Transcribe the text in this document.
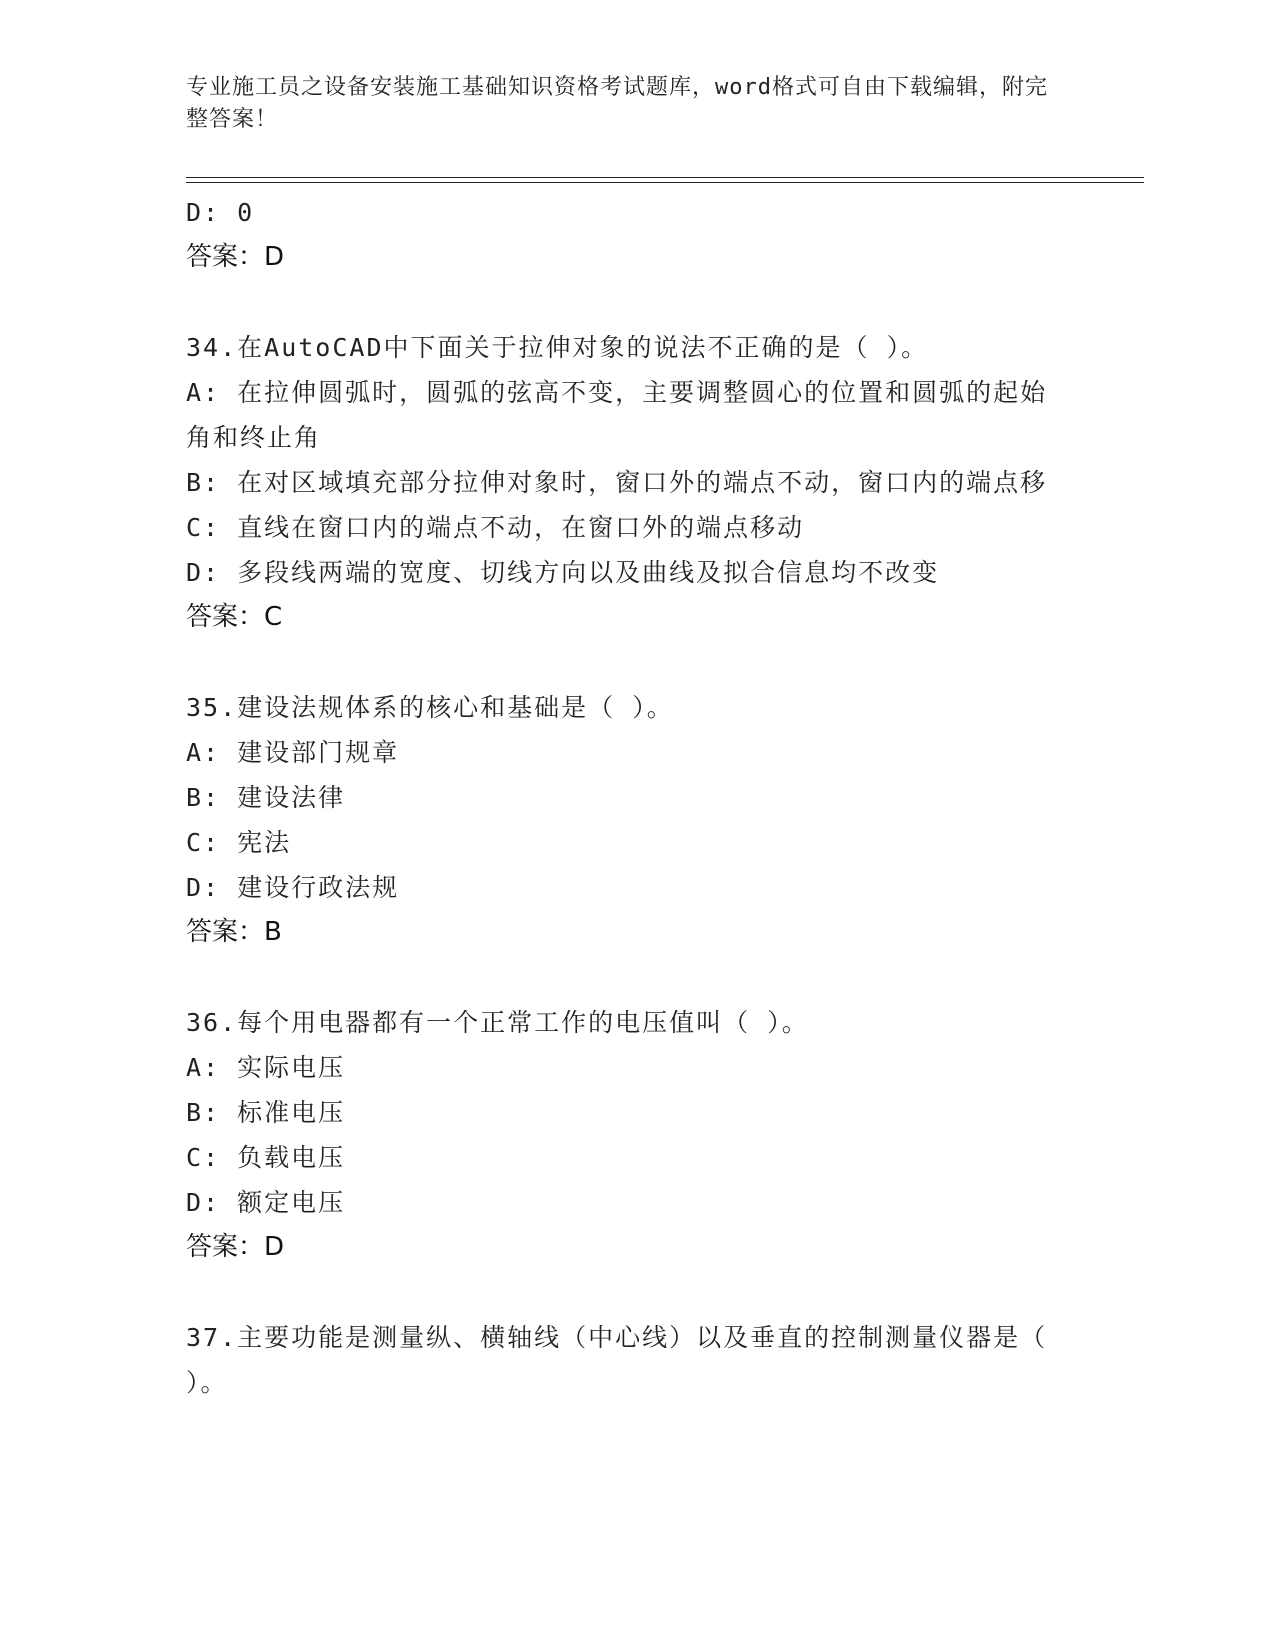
专业施工员之设备安装施工基础知识资格考试题库，word格式可自由下载编辑，附完整答案！
D: 0
答案：D
34.在AutoCAD中下面关于拉伸对象的说法不正确的是（ ）。
A: 在拉伸圆弧时，圆弧的弦高不变，主要调整圆心的位置和圆弧的起始角和终止角
B: 在对区域填充部分拉伸对象时，窗口外的端点不动，窗口内的端点移
C: 直线在窗口内的端点不动，在窗口外的端点移动
D: 多段线两端的宽度、切线方向以及曲线及拟合信息均不改变
答案：C
35.建设法规体系的核心和基础是（ ）。
A: 建设部门规章
B: 建设法律
C: 宪法
D: 建设行政法规
答案：B
36.每个用电器都有一个正常工作的电压值叫（ ）。
A: 实际电压
B: 标准电压
C: 负载电压
D: 额定电压
答案：D
37.主要功能是测量纵、横轴线（中心线）以及垂直的控制测量仪器是（ ）。
